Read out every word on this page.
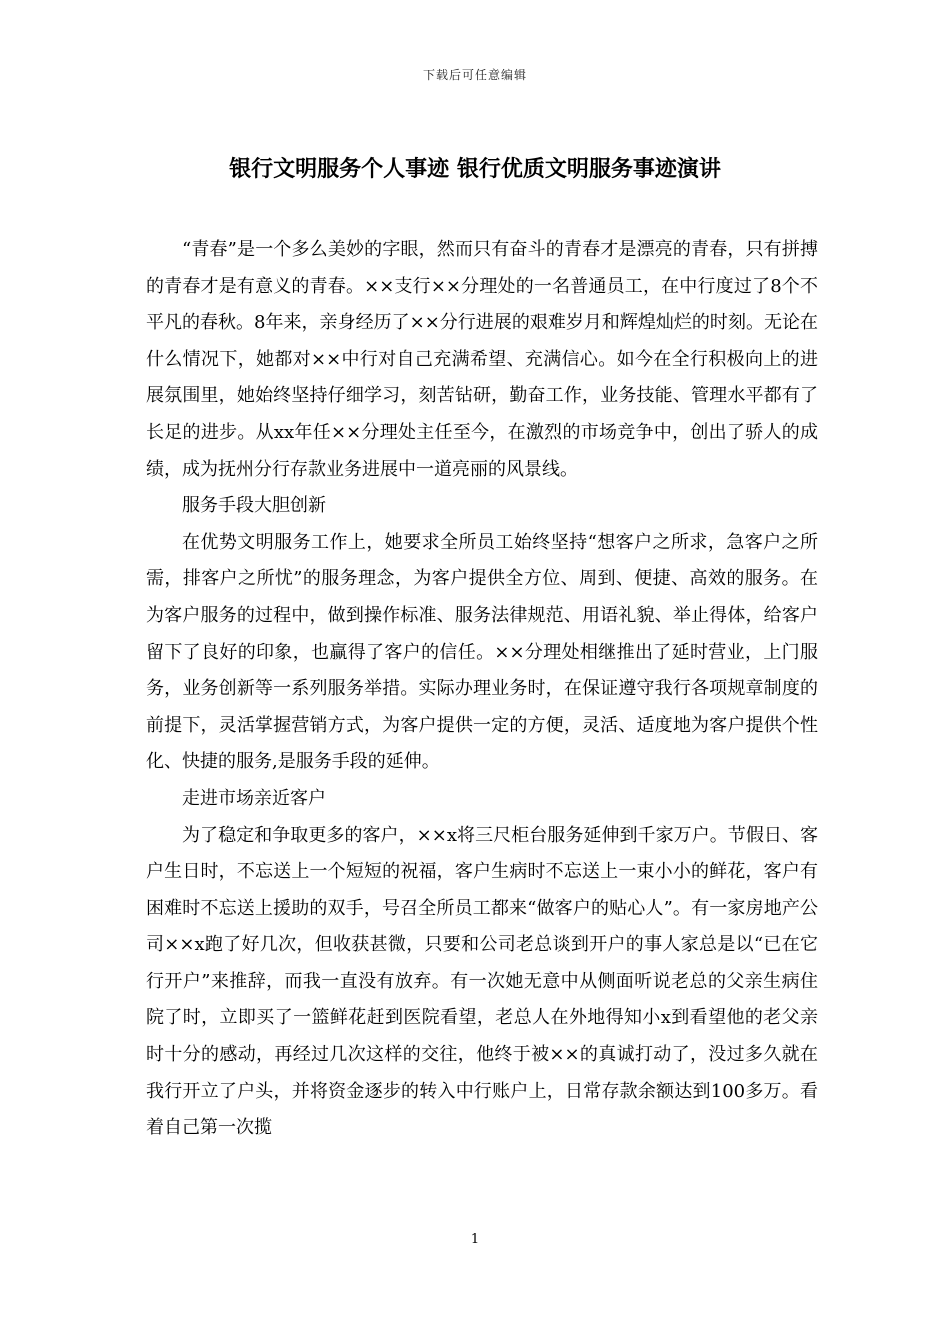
下载后可任意编辑
银行文明服务个人事迹 银行优质文明服务事迹演讲

“青春”是一个多么美妙的字眼，然而只有奋斗的青春才是漂亮的青春，只有拼搏的青春才是有意义的青春。××支行××分理处的一名普通员工，在中行度过了8个不平凡的春秋。8年来，亲身经历了××分行进展的艰难岁月和辉煌灿烂的时刻。无论在什么情况下，她都对××中行对自己充满希望、充满信心。如今在全行积极向上的进展氛围里，她始终坚持仔细学习，刻苦钻研，勤奋工作，业务技能、管理水平都有了长足的进步。从xx年任××分理处主任至今，在激烈的市场竞争中，创出了骄人的成绩，成为抚州分行存款业务进展中一道亮丽的风景线。

服务手段大胆创新

在优势文明服务工作上，她要求全所员工始终坚持“想客户之所求，急客户之所需，排客户之所忧”的服务理念，为客户提供全方位、周到、便捷、高效的服务。在为客户服务的过程中，做到操作标准、服务法律规范、用语礼貌、举止得体，给客户留下了良好的印象，也赢得了客户的信任。××分理处相继推出了延时营业，上门服务，业务创新等一系列服务举措。实际办理业务时，在保证遵守我行各项规章制度的前提下，灵活掌握营销方式，为客户提供一定的方便，灵活、适度地为客户提供个性化、快捷的服务,是服务手段的延伸。

走进市场亲近客户

为了稳定和争取更多的客户，××x将三尺柜台服务延伸到千家万户。节假日、客户生日时，不忘送上一个短短的祝福，客户生病时不忘送上一束小小的鲜花，客户有困难时不忘送上援助的双手，号召全所员工都来“做客户的贴心人”。有一家房地产公司××x跑了好几次，但收获甚微，只要和公司老总谈到开户的事人家总是以“已在它行开户”来推辞，而我一直没有放弃。有一次她无意中从侧面听说老总的父亲生病住院了时，立即买了一篮鲜花赶到医院看望，老总人在外地得知小x到看望他的老父亲时十分的感动，再经过几次这样的交往，他终于被××的真诚打动了，没过多久就在我行开立了户头，并将资金逐步的转入中行账户上，日常存款余额达到100多万。看着自己第一次揽

1
